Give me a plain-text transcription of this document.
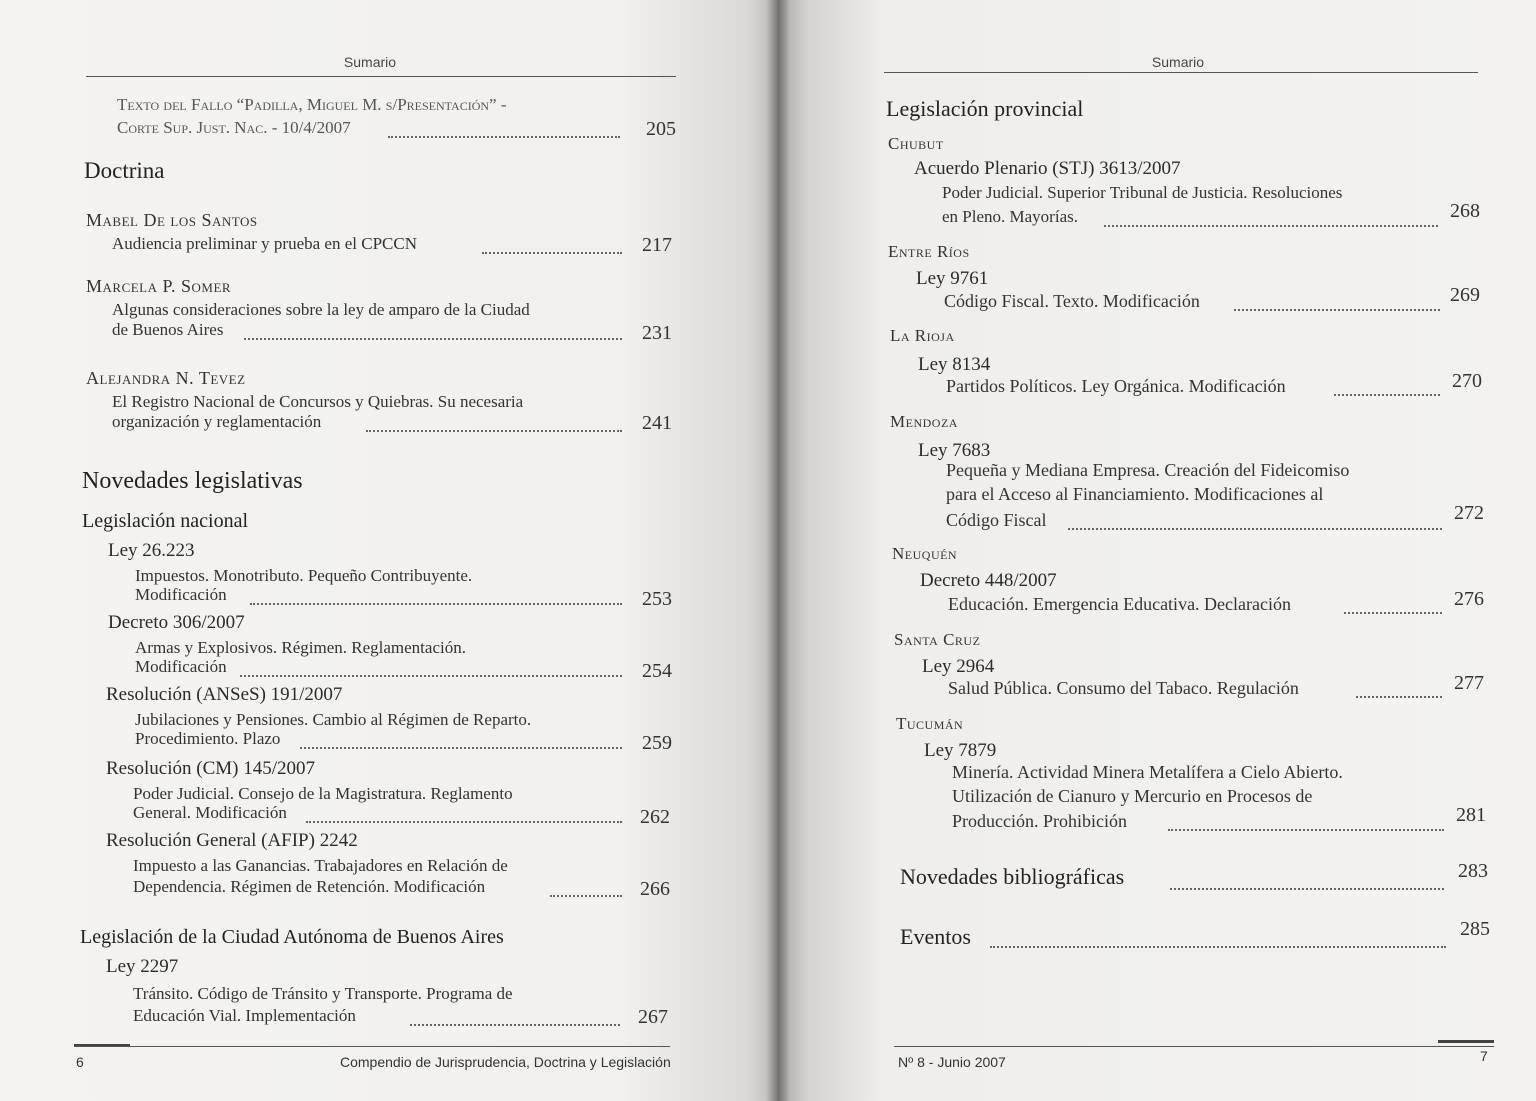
Sumario
Texto del Fallo “Padilla, Miguel M. s/Presentación” -
Corte Sup. Just. Nac. - 10/4/2007	205
Doctrina
Mabel De los Santos
Audiencia preliminar y prueba en el CPCCN	217
Marcela P. Somer
Algunas consideraciones sobre la ley de amparo de la Ciudad
de Buenos Aires	231
Alejandra N. Tevez
El Registro Nacional de Concursos y Quiebras. Su necesaria
organización y reglamentación	241
Novedades legislativas
Legislación nacional
Ley 26.223
Impuestos. Monotributo. Pequeño Contribuyente.
Modificación	253
Decreto 306/2007
Armas y Explosivos. Régimen. Reglamentación.
Modificación	254
Resolución (ANSeS) 191/2007
Jubilaciones y Pensiones. Cambio al Régimen de Reparto.
Procedimiento. Plazo	259
Resolución (CM) 145/2007
Poder Judicial. Consejo de la Magistratura. Reglamento
General. Modificación	262
Resolución General (AFIP) 2242
Impuesto a las Ganancias. Trabajadores en Relación de
Dependencia. Régimen de Retención. Modificación	266
Legislación de la Ciudad Autónoma de Buenos Aires
Ley 2297
Tránsito. Código de Tránsito y Transporte. Programa de
Educación Vial. Implementación	267
6	Compendio de Jurisprudencia, Doctrina y Legislación
Sumario
Legislación provincial
Chubut
Acuerdo Plenario (STJ) 3613/2007
Poder Judicial. Superior Tribunal de Justicia. Resoluciones
en Pleno. Mayorías.	268
Entre Ríos
Ley 9761
Código Fiscal. Texto. Modificación	269
La Rioja
Ley 8134
Partidos Políticos. Ley Orgánica. Modificación	270
Mendoza
Ley 7683
Pequeña y Mediana Empresa. Creación del Fideicomiso
para el Acceso al Financiamiento. Modificaciones al
Código Fiscal	272
Neuquén
Decreto 448/2007
Educación. Emergencia Educativa. Declaración	276
Santa Cruz
Ley 2964
Salud Pública. Consumo del Tabaco. Regulación	277
Tucumán
Ley 7879
Minería. Actividad Minera Metalífera a Cielo Abierto.
Utilización de Cianuro y Mercurio en Procesos de
Producción. Prohibición	281
Novedades bibliográficas	283
Eventos	285
Nº 8 - Junio 2007	7
